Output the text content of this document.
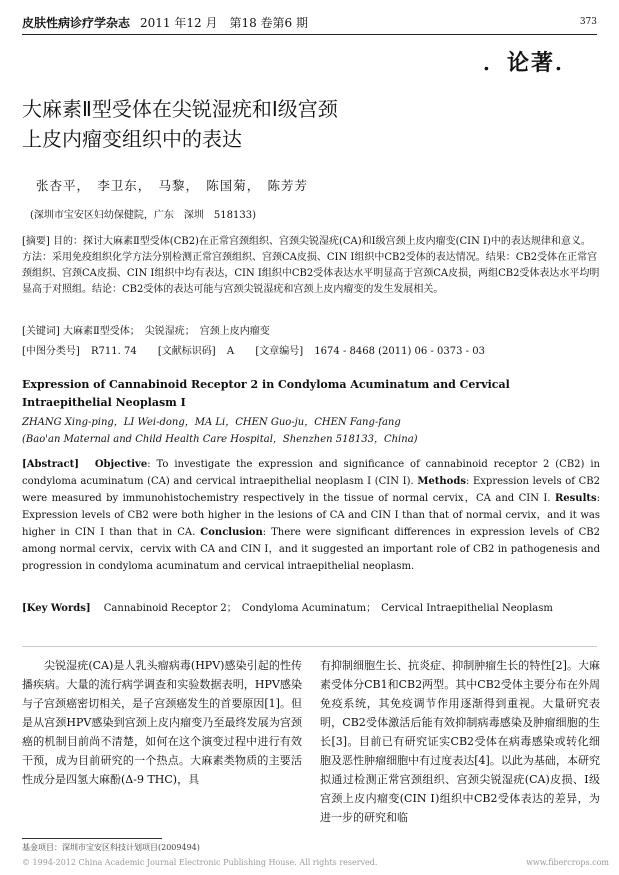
皮肤性病诊疗学杂志 2011 年12 月　第18 卷第6 期	373
．论著．
大麻素Ⅱ型受体在尖锐湿疣和Ⅰ级宫颈
上皮内瘤变组织中的表达
张杏平，　李卫东，　马黎，　陈国菊，　陈芳芳
(深圳市宝安区妇幼保健院，广东　深圳　518133)
[摘要] 目的：探讨大麻素Ⅱ型受体(CB2)在正常宫颈组织、宫颈尖锐湿疣(CA)和Ⅰ级宫颈上皮内瘤变(CIN Ⅰ)中的表达规律和意义。方法：采用免疫组织化学方法分别检测正常宫颈组织、宫颈CA皮损、CIN Ⅰ组织中CB2受体的表达情况。结果：CB2受体在正常宫颈组织、宫颈CA皮损、CIN Ⅰ组织中均有表达，CIN Ⅰ组织中CB2受体表达水平明显高于宫颈CA皮损，两组CB2受体表达水平均明显高于对照组。结论：CB2受体的表达可能与宫颈尖锐湿疣和宫颈上皮内瘤变的发生发展相关。
[关键词] 大麻素Ⅱ型受体；　尖锐湿疣；　宫颈上皮内瘤变
[中图分类号] R711. 74 [文献标识码] A [文章编号] 1674 - 8468 (2011) 06 - 0373 - 03
Expression of Cannabinoid Receptor 2 in Condyloma Acuminatum and Cervical Intraepithelial Neoplasm I
ZHANG Xing-ping，LI Wei-dong，MA Li，CHEN Guo-ju，CHEN Fang-fang
(Bao'an Maternal and Child Health Care Hospital，Shenzhen 518133，China)
[Abstract] Objective: To investigate the expression and significance of cannabinoid receptor 2 (CB2) in condyloma acuminatum (CA) and cervical intraepithelial neoplasm I (CIN I). Methods: Expression levels of CB2 were measured by immunohistochemistry respectively in the tissue of normal cervix，CA and CIN I. Results: Expression levels of CB2 were both higher in the lesions of CA and CIN I than that of normal cervix，and it was higher in CIN I than that in CA. Conclusion: There were significant differences in expression levels of CB2 among normal cervix，cervix with CA and CIN I，and it suggested an important role of CB2 in pathogenesis and progression in condyloma acuminatum and cervical intraepithelial neoplasm.
[Key Words] Cannabinoid Receptor 2；　Condyloma Acuminatum；　Cervical Intraepithelial Neoplasm

尖锐湿疣(CA)是人乳头瘤病毒(HPV)感染引起的性传播疾病。大量的流行病学调查和实验数据表明，HPV感染与子宫颈癌密切相关，是子宫颈癌发生的首要原因[1]。但是从宫颈HPV感染到宫颈上皮内瘤变乃至最终发展为宫颈癌的机制目前尚不清楚，如何在这个演变过程中进行有效干预，成为目前研究的一个热点。大麻素类物质的主要活性成分是四氢大麻酚(Δ-9 THC)，具

有抑制细胞生长、抗炎症、抑制肿瘤生长的特性[2]。大麻素受体分CB1和CB2两型。其中CB2受体主要分布在外周免疫系统，其免疫调节作用逐渐得到重视。大量研究表明，CB2受体激活后能有效抑制病毒感染及肿瘤细胞的生长[3]。目前已有研究证实CB2受体在病毒感染或转化细胞及恶性肿瘤细胞中有过度表达[4]。以此为基础，本研究拟通过检测正常宫颈组织、宫颈尖锐湿疣(CA)皮损、Ⅰ级宫颈上皮内瘤变(CIN Ⅰ)组织中CB2受体表达的差异，为进一步的研究和临

基金项目：深圳市宝安区科技计划项目(2009494)
© 1994-2012 China Academic Journal Electronic Publishing House. All rights reserved.	www.fibercrops.com
